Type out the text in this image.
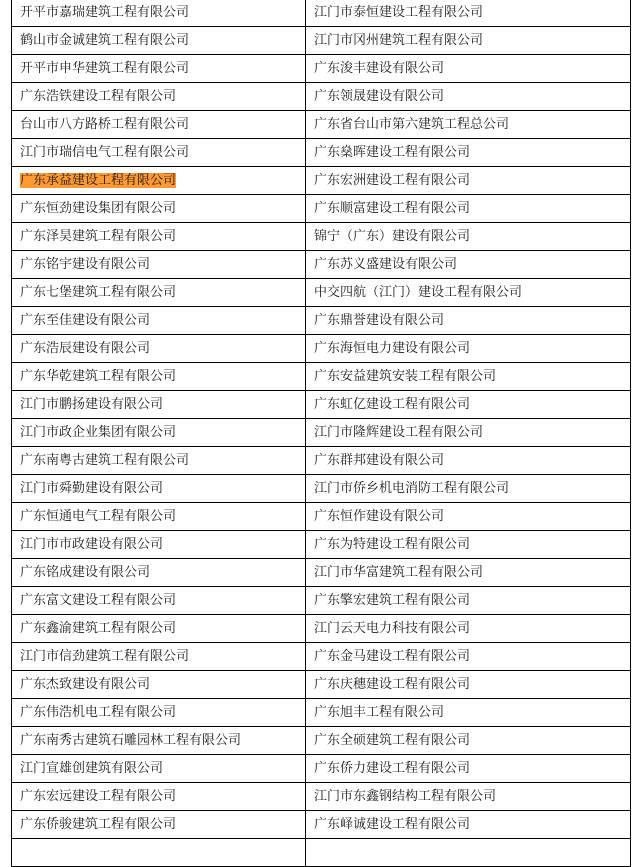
开平市嘉瑞建筑工程有限公司	江门市泰恒建设工程有限公司
鹤山市金诚建筑工程有限公司	江门市冈州建筑工程有限公司
开平市申华建筑工程有限公司	广东浚丰建设有限公司
广东浩铁建设工程有限公司	广东领晟建设有限公司
台山市八方路桥工程有限公司	广东省台山市第六建筑工程总公司
江门市瑞信电气工程有限公司	广东燊晖建设工程有限公司
广东承益建设工程有限公司	广东宏洲建设工程有限公司
广东恒劲建设集团有限公司	广东顺富建设工程有限公司
广东泽昊建筑工程有限公司	锦宁（广东）建设有限公司
广东铭宇建设有限公司	广东苏义盛建设有限公司
广东七堡建筑工程有限公司	中交四航（江门）建设工程有限公司
广东至佳建设有限公司	广东鼎誉建设有限公司
广东浩辰建设有限公司	广东海恒电力建设有限公司
广东华乾建筑工程有限公司	广东安益建筑安装工程有限公司
江门市鹏扬建设有限公司	广东虹亿建设工程有限公司
江门市政企业集团有限公司	江门市隆辉建设工程有限公司
广东南粤古建筑工程有限公司	广东群邦建设有限公司
江门市舜勤建设有限公司	江门市侨乡机电消防工程有限公司
广东恒通电气工程有限公司	广东恒作建设有限公司
江门市市政建设有限公司	广东为特建设工程有限公司
广东铭成建设有限公司	江门市华富建筑工程有限公司
广东富文建设工程有限公司	广东擎宏建筑工程有限公司
广东鑫渝建筑工程有限公司	江门云天电力科技有限公司
江门市信劲建筑工程有限公司	广东金马建设工程有限公司
广东杰致建设有限公司	广东庆穗建设工程有限公司
广东伟浩机电工程有限公司	广东旭丰工程有限公司
广东南秀古建筑石雕园林工程有限公司	广东全硕建筑工程有限公司
江门宣雄创建筑有限公司	广东侨力建设工程有限公司
广东宏远建设工程有限公司	江门市东鑫钢结构工程有限公司
广东侨骏建筑工程有限公司	广东峄诚建设工程有限公司
